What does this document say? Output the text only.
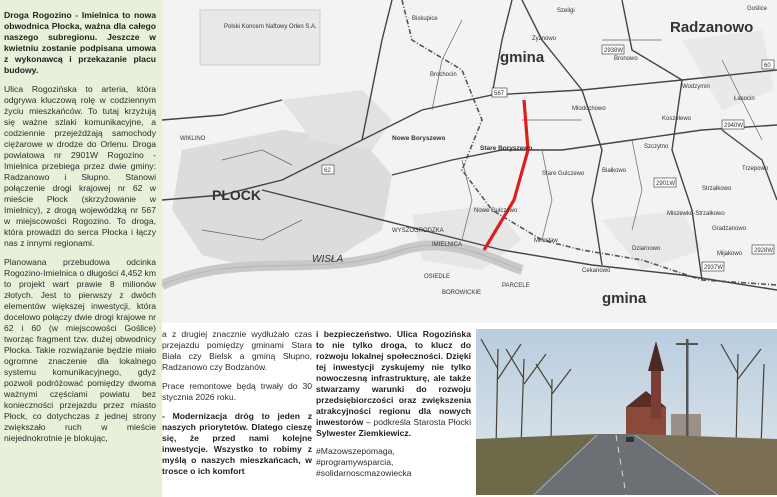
Droga Rogozino - Imielnica to nowa obwodnica Płocka, ważna dla całego naszego subregionu. Jeszcze w kwietniu zostanie podpisana umowa z wykonawcą i przekazanie placu budowy.

Ulica Rogozińska to arteria, która odgrywa kluczową rolę w codziennym życiu mieszkańców. To tutaj krzyżują się ważne szlaki komunikacyjne, a codziennie przejeżdżają samochody ciężarowe w drodze do Orlenu. Droga powiatowa nr 2901W Rogozino - Imielnica przebiega przez dwie gminy: Radzanowo i Słupno. Stanowi połączenie drogi krajowej nr 62 w mieście Płock (skrzyżowanie w Imielnicy), z drogą wojewódzką nr 567 w miejscowości Rogozino. To droga, która prowadzi do serca Płocka i łączy nas z innymi regionami.

Planowana przebudowa odcinka Rogozino-Imielnica o długości 4,452 km to projekt wart prawie 8 milionów złotych. Jest to pierwszy z dwóch elementów większej inwestycji, która docelowo połączy dwie drogi krajowe nr 62 i 60 (w miejscowości Goślice) tworząc fragment tzw. dużej obwodnicy Płocka. Takie rozwiązanie będzie miało ogromne znaczenie dla lokalnego systemu komunikacyjnego, gdyż pozwoli podróżować pomiędzy dwoma ważnymi częściami powiatu bez konieczności przejazdu przez miasto Płock, co dotychczas z jednej strony zwiększało ruch w mieście niejednokrotnie je blokując,

gmina
Radzanowo
gmina
PŁOCK
WISŁA
Polski Koncern Naftowy Orlen S.A.
Nowe Boryszewo
Stare Boryszewo
Nowe Gulczewo
Stare Gulczewo
Mirosław
Białkowo
Szczytno
Wodzymin
Łasocin
Miszewko-Strzałkowo
Cekanowo
PARCELE
BOROWICKIE
OSIEDLE
WYSZOGRODZKA
Biskupice
Bronowo
Brochocin
Trzepowo
WIKLINO
IMIELNICA
Strzałkowo
Goślice
Szeligi
Koszelewo
Mlodochowo
Zyżnowo
Mijakowo
Gradzanowo
Dziarnowo
2938W
2901W
2940W
2928W
2937W
62
567
60

a z drugiej znacznie wydłużało czas przejazdu pomiędzy gminami Stara Biała czy Bielsk a gminą Słupno, Radzanowo czy Bodzanów.

Prace remontowe będą trwały do 30 stycznia 2026 roku.

- Modernizacja dróg to jeden z naszych priorytetów. Dlatego cieszę się, że przed nami kolejne inwestycje. Wszystko to robimy z myślą o naszych mieszkańcach, w trosce o ich komfort

i bezpieczeństwo. Ulica Rogozińska to nie tylko droga, to klucz do rozwoju lokalnej społeczności. Dzięki tej inwestycji zyskujemy nie tylko nowoczesną infrastrukturę, ale także stwarzamy warunki do rozwoju przedsiębiorczości oraz zwiększenia atrakcyjności regionu dla nowych inwestorów – podkreśla Starosta Płocki Sylwester Ziemkiewicz.

#Mazowszepomaga, #programywsparcia, #solidarnoscmazowiecka
